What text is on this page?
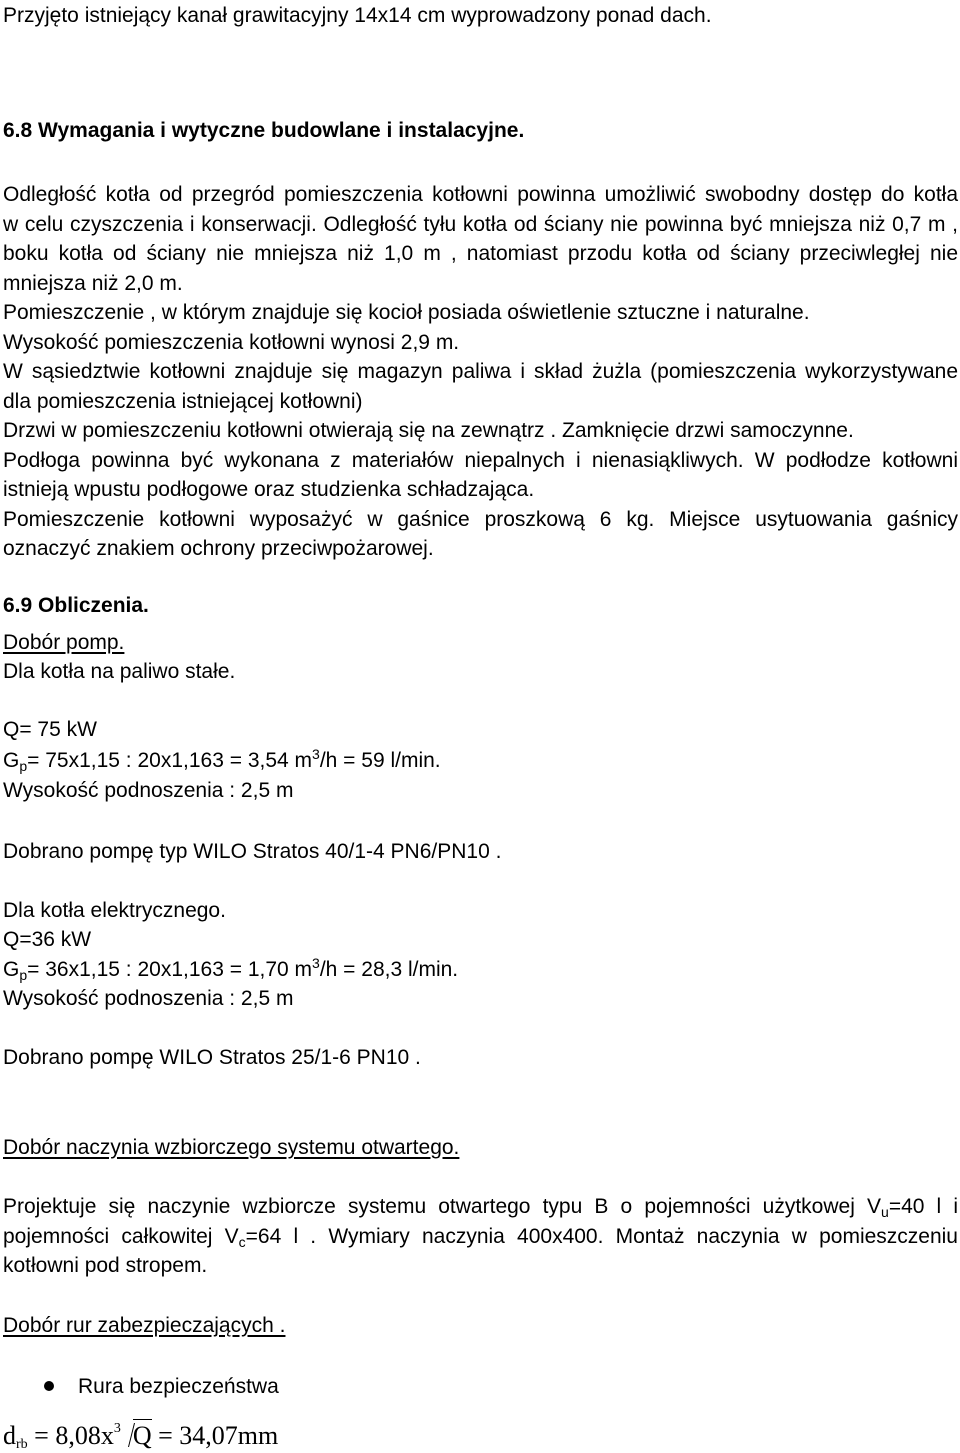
Przyjęto istniejący kanał grawitacyjny 14x14 cm wyprowadzony ponad dach.
6.8 Wymagania i wytyczne budowlane i instalacyjne.
Odległość kotła od przegród pomieszczenia kotłowni powinna umożliwić swobodny dostęp do kotła
w celu czyszczenia i konserwacji. Odległość tyłu kotła od ściany nie powinna być mniejsza niż 0,7 m ,
boku kotła od ściany nie mniejsza niż 1,0 m , natomiast przodu kotła od ściany przeciwległej nie
mniejsza niż 2,0 m.
Pomieszczenie , w którym znajduje się kocioł posiada oświetlenie sztuczne i naturalne.
Wysokość pomieszczenia kotłowni wynosi 2,9 m.
W sąsiedztwie kotłowni znajduje się magazyn paliwa i skład żużla (pomieszczenia wykorzystywane
dla pomieszczenia istniejącej kotłowni)
Drzwi w pomieszczeniu kotłowni otwierają się na zewnątrz . Zamknięcie drzwi samoczynne.
Podłoga powinna być wykonana z materiałów niepalnych i nienasiąkliwych. W podłodze kotłowni
istnieją wpustu podłogowe oraz studzienka schładzająca.
Pomieszczenie kotłowni wyposażyć w gaśnice proszkową 6 kg. Miejsce usytuowania gaśnicy
oznaczyć znakiem ochrony przeciwpożarowej.
6.9 Obliczenia.
Dobór pomp.
Dla kotła na paliwo stałe.
Q= 75 kW
$G_p= 75x1,15$ : 20x1,163 = 3,54 $m^3/h = 59$ l/min.
Wysokość podnoszenia : 2,5 m
Dobrano pompę typ WILO Stratos 40/1-4 PN6/PN10 .
Dla kotła elektrycznego.
Q=36 kW
$G_p= 36x1,15$ : 20x1,163 = 1,70 $m^3/h = 28,3$ l/min.
Wysokość podnoszenia : 2,5 m
Dobrano pompę WILO Stratos 25/1-6 PN10 .
Dobór naczynia wzbiorczego systemu otwartego.
Projektuje się naczynie wzbiorcze systemu otwartego typu B o pojemności użytkowej $V_u=40$ l i
pojemności całkowitej $V_c=64$ l . Wymiary naczynia 400x400. Montaż naczynia w pomieszczeniu
kotłowni pod stropem.
Dobór rur zabezpieczających .
Rura bezpieczeństwa
$d_{rb} = 8,08x^3$ Q = 34,07mm
